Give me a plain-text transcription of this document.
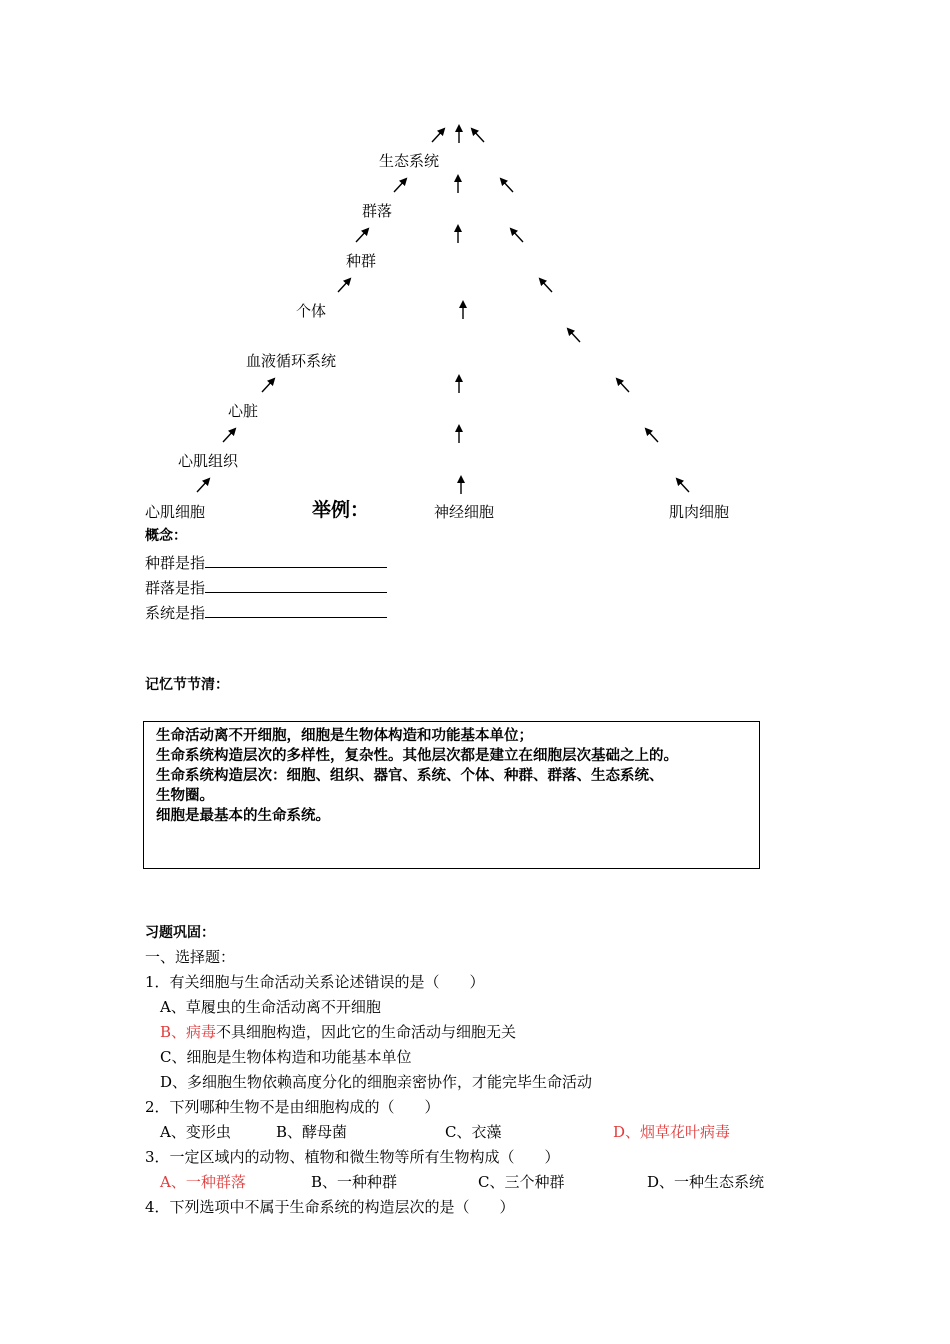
生态系统
群落
种群
个体
血液循环系统
心脏
心肌组织
心肌细胞	举例：	神经细胞	肌肉细胞
概念：
种群是指
群落是指
系统是指
记忆节节清：
生命活动离不开细胞，细胞是生物体构造和功能基本单位；
生命系统构造层次的多样性，复杂性。其他层次都是建立在细胞层次基础之上的。
生命系统构造层次：细胞、组织、器官、系统、个体、种群、群落、生态系统、
生物圈。
细胞是最基本的生命系统。
习题巩固：
一、选择题：
1．有关细胞与生命活动关系论述错误的是（　　）
A、草履虫的生命活动离不开细胞
B、病毒不具细胞构造，因此它的生命活动与细胞无关
C、细胞是生物体构造和功能基本单位
D、多细胞生物依赖高度分化的细胞亲密协作，才能完毕生命活动
2．下列哪种生物不是由细胞构成的（　　）
A、变形虫	B、酵母菌	C、衣藻	D、烟草花叶病毒
3．一定区域内的动物、植物和微生物等所有生物构成（　　）
A、一种群落	B、一种种群	C、三个种群	D、一种生态系统
4．下列选项中不属于生命系统的构造层次的是（　　）
